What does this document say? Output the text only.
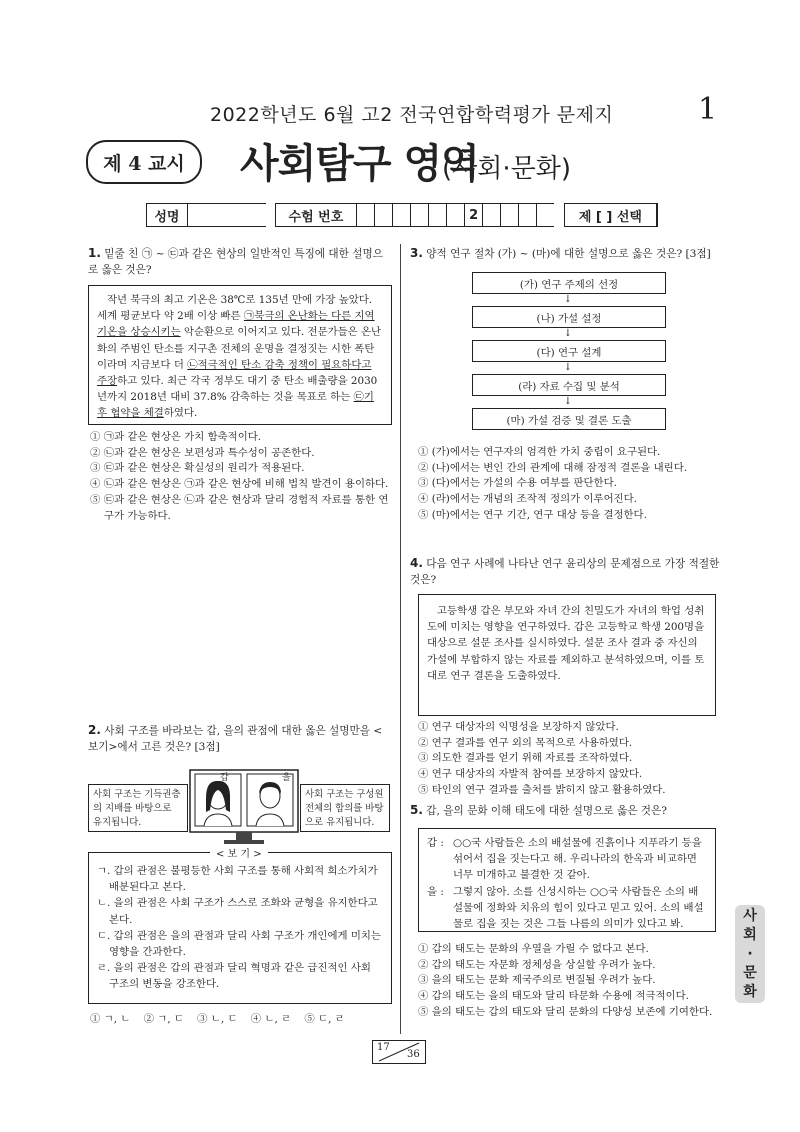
2022학년도 6월 고2 전국연합학력평가 문제지	1
제 4 교시	사회탐구 영역
(사회·문화)
성명	수험 번호	2	제 [ ] 선택
1. 밑줄 친 ㉠ ~ ㉢과 같은 현상의 일반적인 특징에 대한 설명으로 옳은 것은?
작년 북극의 최고 기온은 38℃로 135년 만에 가장 높았다. 세계 평균보다 약 2배 이상 빠른 ㉠북극의 온난화는 다른 지역 기온을 상승시키는 악순환으로 이어지고 있다. 전문가들은 온난화의 주범인 탄소를 지구촌 전체의 운명을 결정짓는 시한 폭탄이라며 지금보다 더 ㉡적극적인 탄소 감축 정책이 필요하다고 주장하고 있다. 최근 각국 정부도 대기 중 탄소 배출량을 2030년까지 2018년 대비 37.8% 감축하는 것을 목표로 하는 ㉢기후 협약을 체결하였다.
① ㉠과 같은 현상은 가치 함축적이다.
② ㉡과 같은 현상은 보편성과 특수성이 공존한다.
③ ㉢과 같은 현상은 확실성의 원리가 적용된다.
④ ㉡과 같은 현상은 ㉠과 같은 현상에 비해 법칙 발견이 용이하다.
⑤ ㉢과 같은 현상은 ㉡과 같은 현상과 달리 경험적 자료를 통한 연구가 가능하다.
2. 사회 구조를 바라보는 갑, 을의 관점에 대한 옳은 설명만을 <보기>에서 고른 것은? [3점]
사회 구조는 기득권층의 지배를 바탕으로 유지됩니다.
갑	을
사회 구조는 구성원 전체의 합의를 바탕으로 유지됩니다.
ㄱ. 갑의 관점은 불평등한 사회 구조를 통해 사회적 희소가치가 배분된다고 본다.
ㄴ. 을의 관점은 사회 구조가 스스로 조화와 균형을 유지한다고 본다.
ㄷ. 갑의 관점은 을의 관점과 달리 사회 구조가 개인에게 미치는 영향을 간과한다.
ㄹ. 을의 관점은 갑의 관점과 달리 혁명과 같은 급진적인 사회 구조의 변동을 강조한다.
< 보 기 >
① ㄱ, ㄴ    ② ㄱ, ㄷ    ③ ㄴ, ㄷ    ④ ㄴ, ㄹ    ⑤ ㄷ, ㄹ
3. 양적 연구 절차 (가) ~ (마)에 대한 설명으로 옳은 것은? [3점]
(가) 연구 주제의 선정
↓
(나) 가설 설정
↓
(다) 연구 설계
↓
(라) 자료 수집 및 분석
↓
(마) 가설 검증 및 결론 도출
① (가)에서는 연구자의 엄격한 가치 중립이 요구된다.
② (나)에서는 변인 간의 관계에 대해 잠정적 결론을 내린다.
③ (다)에서는 가설의 수용 여부를 판단한다.
④ (라)에서는 개념의 조작적 정의가 이루어진다.
⑤ (마)에서는 연구 기간, 연구 대상 등을 결정한다.
4. 다음 연구 사례에 나타난 연구 윤리상의 문제점으로 가장 적절한 것은?
고등학생 갑은 부모와 자녀 간의 친밀도가 자녀의 학업 성취도에 미치는 영향을 연구하였다. 갑은 고등학교 학생 200명을 대상으로 설문 조사를 실시하였다. 설문 조사 결과 중 자신의 가설에 부합하지 않는 자료를 제외하고 분석하였으며, 이를 토대로 연구 결론을 도출하였다.
① 연구 대상자의 익명성을 보장하지 않았다.
② 연구 결과를 연구 외의 목적으로 사용하였다.
③ 의도한 결과를 얻기 위해 자료를 조작하였다.
④ 연구 대상자의 자발적 참여를 보장하지 않았다.
⑤ 타인의 연구 결과를 출처를 밝히지 않고 활용하였다.
5. 갑, 을의 문화 이해 태도에 대한 설명으로 옳은 것은?
갑 : ○○국 사람들은 소의 배설물에 진흙이나 지푸라기 등을 섞어서 집을 짓는다고 해. 우리나라의 한옥과 비교하면 너무 미개하고 불결한 것 같아.
을 : 그렇지 않아. 소를 신성시하는 ○○국 사람들은 소의 배설물에 정화와 치유의 힘이 있다고 믿고 있어. 소의 배설물로 집을 짓는 것은 그들 나름의 의미가 있다고 봐.
① 갑의 태도는 문화의 우열을 가릴 수 없다고 본다.
② 갑의 태도는 자문화 정체성을 상실할 우려가 높다.
③ 을의 태도는 문화 제국주의로 변질될 우려가 높다.
④ 갑의 태도는 을의 태도와 달리 타문화 수용에 적극적이다.
⑤ 을의 태도는 갑의 태도와 달리 문화의 다양성 보존에 기여한다.
사
회
·
문
화
17
36
